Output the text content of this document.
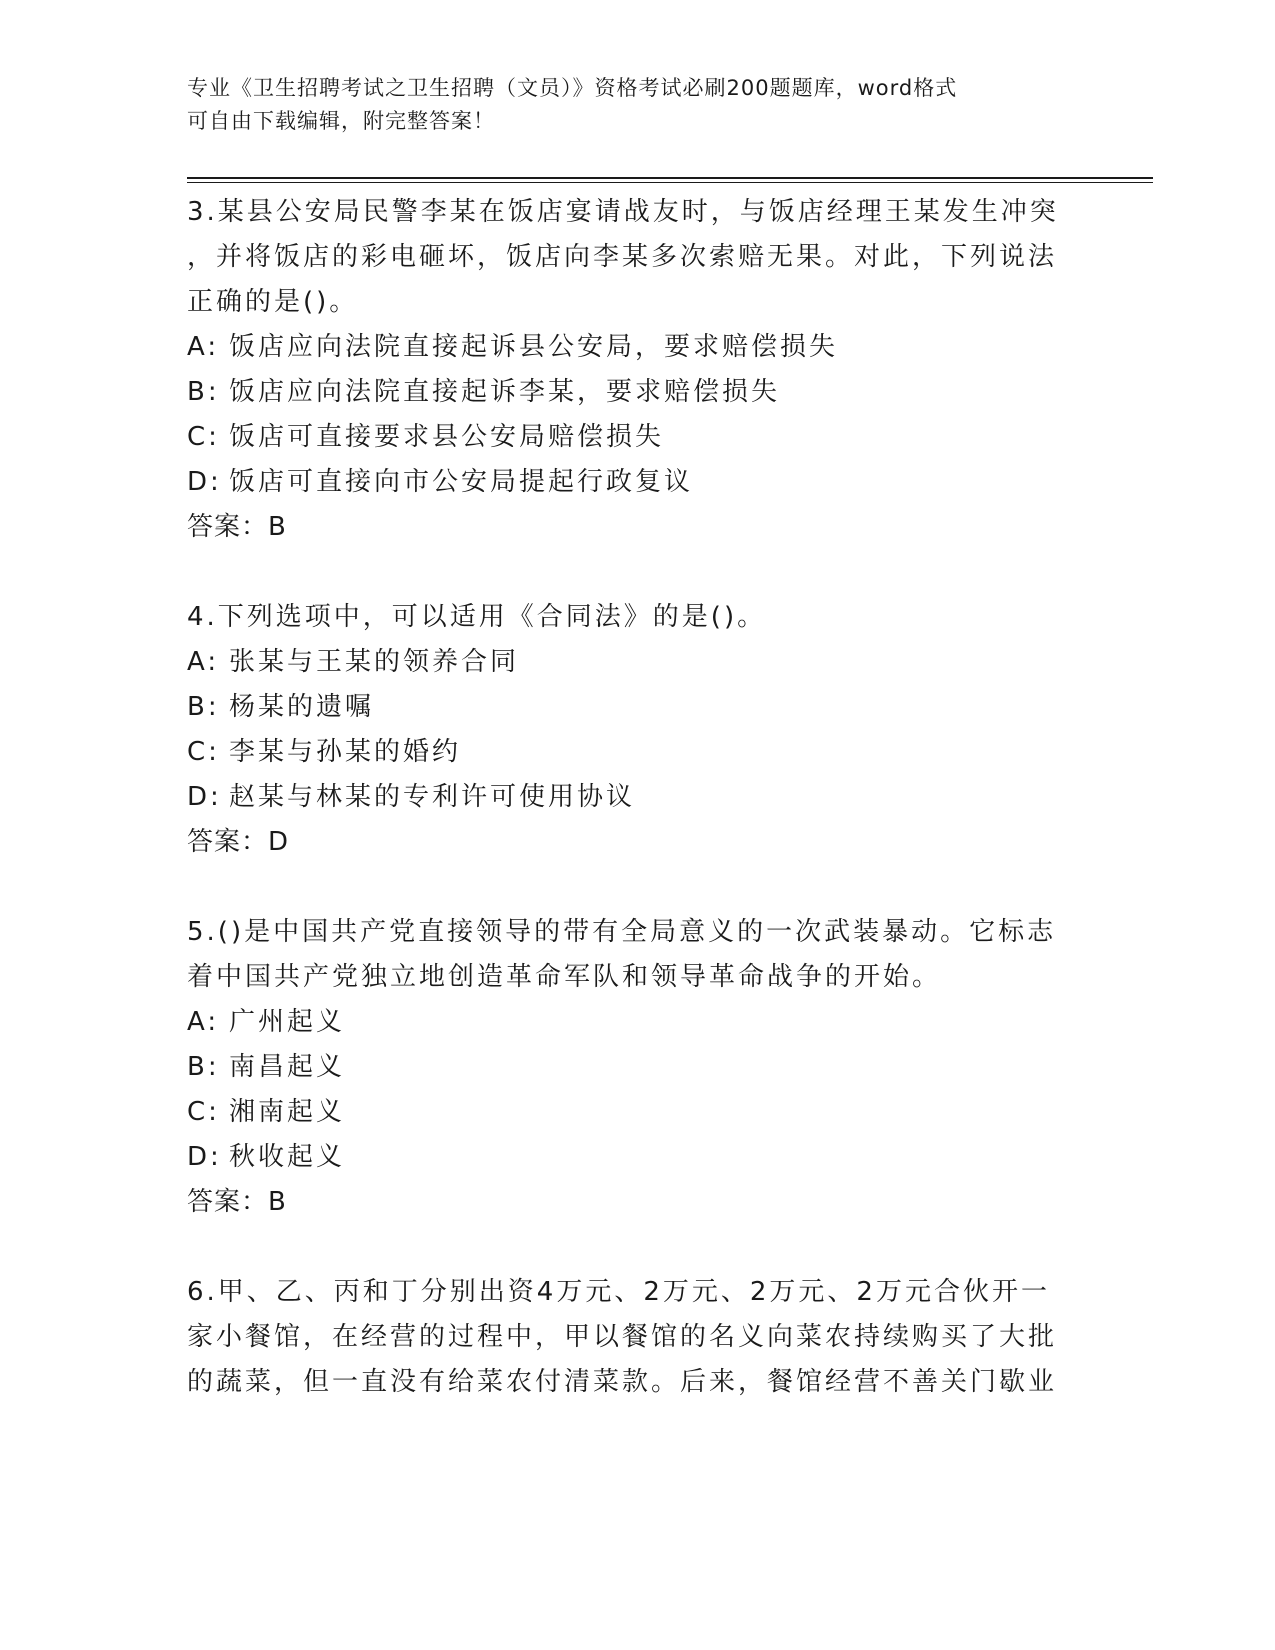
专业《卫生招聘考试之卫生招聘（文员）》资格考试必刷200题题库，word格式
可自由下载编辑，附完整答案！

3.某县公安局民警李某在饭店宴请战友时，与饭店经理王某发生冲突

，并将饭店的彩电砸坏，饭店向李某多次索赔无果。对此，下列说法

正确的是()。

A: 饭店应向法院直接起诉县公安局，要求赔偿损失

B: 饭店应向法院直接起诉李某，要求赔偿损失

C: 饭店可直接要求县公安局赔偿损失

D: 饭店可直接向市公安局提起行政复议

答案：B

4.下列选项中，可以适用《合同法》的是()。

A: 张某与王某的领养合同

B: 杨某的遗嘱

C: 李某与孙某的婚约

D: 赵某与林某的专利许可使用协议

答案：D

5.()是中国共产党直接领导的带有全局意义的一次武装暴动。它标志

着中国共产党独立地创造革命军队和领导革命战争的开始。

A: 广州起义

B: 南昌起义

C: 湘南起义

D: 秋收起义

答案：B

6.甲、乙、丙和丁分别出资4万元、2万元、2万元、2万元合伙开一

家小餐馆，在经营的过程中，甲以餐馆的名义向菜农持续购买了大批

的蔬菜，但一直没有给菜农付清菜款。后来，餐馆经营不善关门歇业
